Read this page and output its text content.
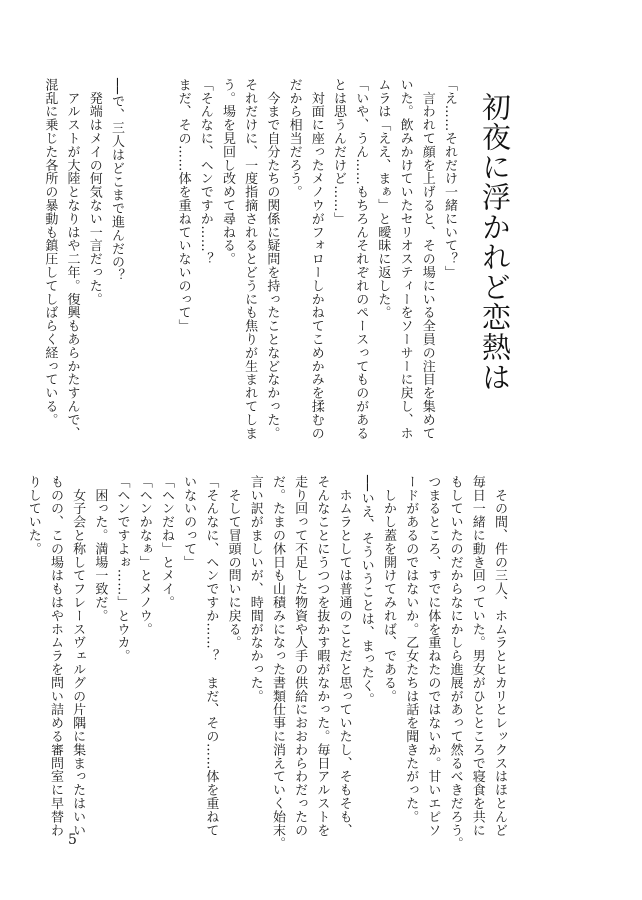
初夜に浮かれど恋熱は
「え……それだけ一緒にいて？」
　言われて顔を上げると、その場にいる全員の注目を集めて
いた。飲みかけていたセリオスティーをソーサーに戻し、ホ
ムラは「ええ、まぁ」と曖昧に返した。
「いや、うん……もちろんそれぞれのペースってものがある
とは思うんだけど……」
　対面に座ったメノウがフォローしかねてこめかみを揉むの
だから相当だろう。
　今まで自分たちの関係に疑問を持ったことなどなかった。
それだけに、一度指摘されるとどうにも焦りが生まれてしま
う。場を見回し改めて尋ねる。
「そんなに、ヘンですか……？
まだ、その……体を重ねていないのって」
──で、三人はどこまで進んだの？
　発端はメイの何気ない一言だった。
　アルストが大陸となりはや二年。復興もあらかたすんで、
混乱に乗じた各所の暴動も鎮圧してしばらく経っている。
　その間、件の三人、ホムラとヒカリとレックスはほとんど
毎日一緒に動き回っていた。男女がひとところで寝食を共に
もしていたのだからなにかしら進展があって然るべきだろう。
つまるところ、すでに体を重ねたのではないか。甘いエピソ
ードがあるのではないか。乙女たちは話を聞きたがった。
　しかし蓋を開けてみれば、である。
──いえ、そういうことは、まったく。
　ホムラとしては普通のことだと思っていたし、そもそも、
そんなことにうつつを抜かす暇がなかった。毎日アルストを
走り回って不足した物資や人手の供給におおわらわだったの
だ。たまの休日も山積みになった書類仕事に消えていく始末。
言い訳がましいが、時間がなかった。
　そして冒頭の問いに戻る。
「そんなに、ヘンですか……？　まだ、その……体を重ねて
いないのって」
「ヘンだね」とメイ。
「ヘンかなぁ」とメノウ。
「ヘンですよぉ……」とウカ。
　困った。満場一致だ。
　女子会と称してフレースヴェルグの片隅に集まったはいい
ものの、この場はもはやホムラを問い詰める審問室に早替わ
りしていた。
5
